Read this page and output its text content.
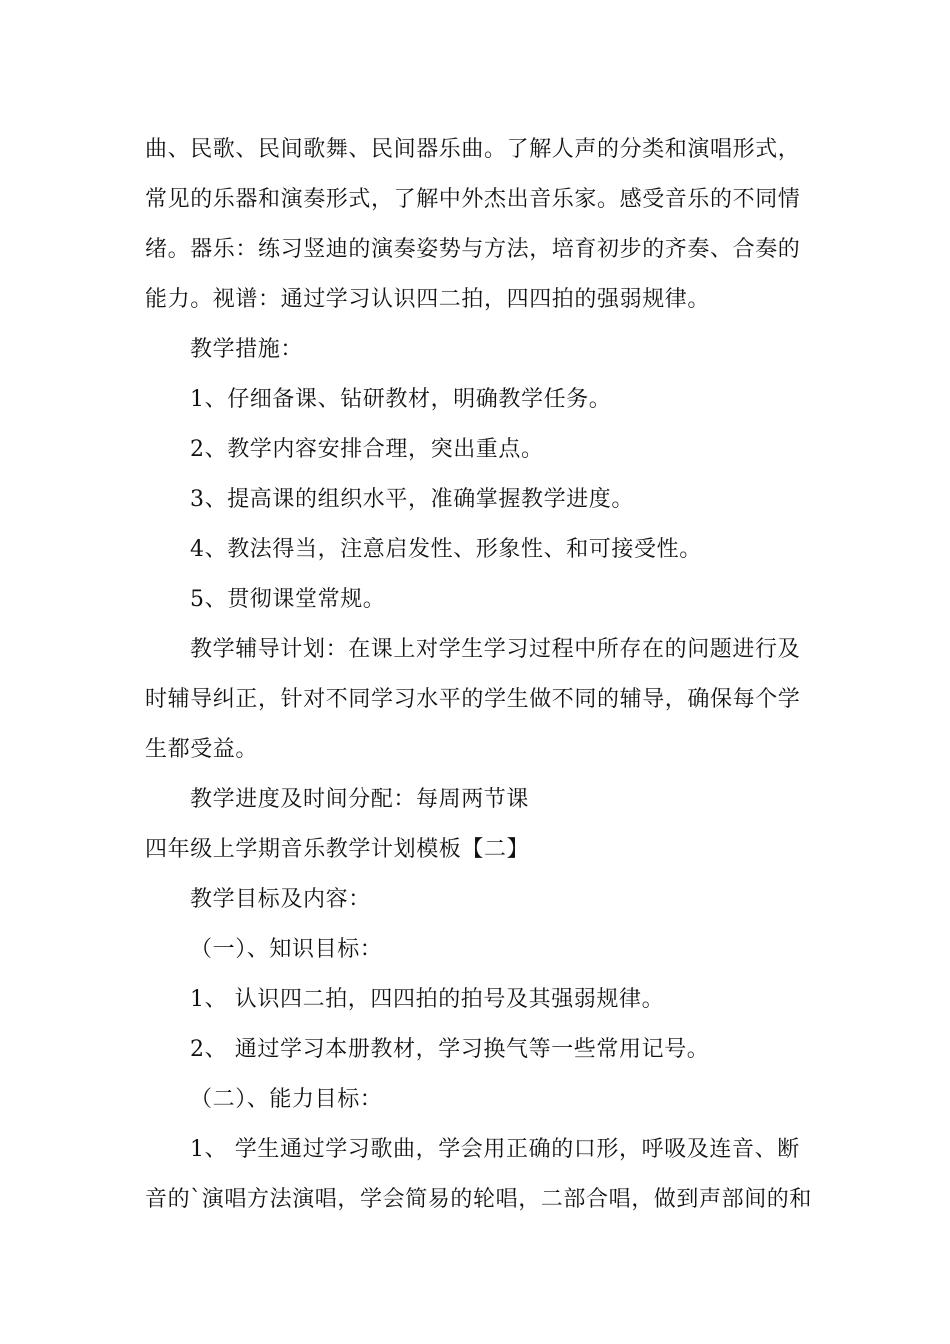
曲、民歌、民间歌舞、民间器乐曲。了解人声的分类和演唱形式，
常见的乐器和演奏形式，了解中外杰出音乐家。感受音乐的不同情
绪。器乐：练习竖迪的演奏姿势与方法，培育初步的齐奏、合奏的
能力。视谱：通过学习认识四二拍，四四拍的强弱规律。
教学措施：
1、仔细备课、钻研教材，明确教学任务。
2、教学内容安排合理，突出重点。
3、提高课的组织水平，准确掌握教学进度。
4、教法得当，注意启发性、形象性、和可接受性。
5、贯彻课堂常规。
教学辅导计划：在课上对学生学习过程中所存在的问题进行及
时辅导纠正，针对不同学习水平的学生做不同的辅导，确保每个学
生都受益。
教学进度及时间分配：每周两节课
四年级上学期音乐教学计划模板【二】
教学目标及内容：
（一）、知识目标：
1、 认识四二拍，四四拍的拍号及其强弱规律。
2、 通过学习本册教材，学习换气等一些常用记号。
（二）、能力目标：
1、 学生通过学习歌曲，学会用正确的口形，呼吸及连音、断
音的`演唱方法演唱，学会简易的轮唱，二部合唱，做到声部间的和
